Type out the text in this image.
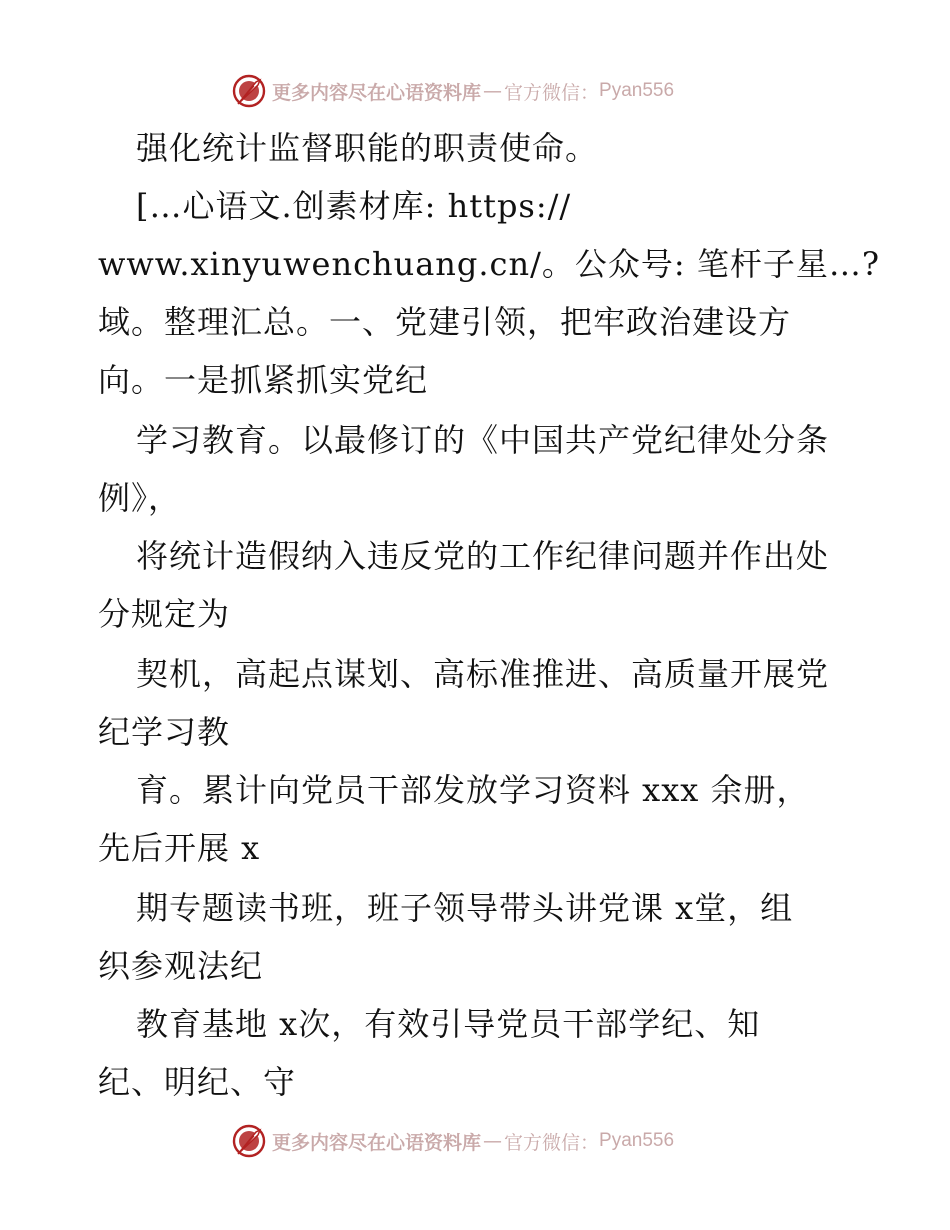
更多内容尽在心语资料库 — 官方微信： Pyan556
强化统计监督职能的职责使命。
[…心语文.创素材库: https://
www.xinyuwenchuang.cn/。公众号: 笔杆子星…?
域。整理汇总。一、党建引领，把牢政治建设方
向。一是抓紧抓实党纪
学习教育。以最修订的《中国共产党纪律处分条
例》，
将统计造假纳入违反党的工作纪律问题并作出处
分规定为
契机，高起点谋划、高标准推进、高质量开展党
纪学习教
育。累计向党员干部发放学习资料 xxx 余册，
先后开展 x
期专题读书班，班子领导带头讲党课 x堂，组
织参观法纪
教育基地 x次，有效引导党员干部学纪、知
纪、明纪、守
更多内容尽在心语资料库 — 官方微信： Pyan556
